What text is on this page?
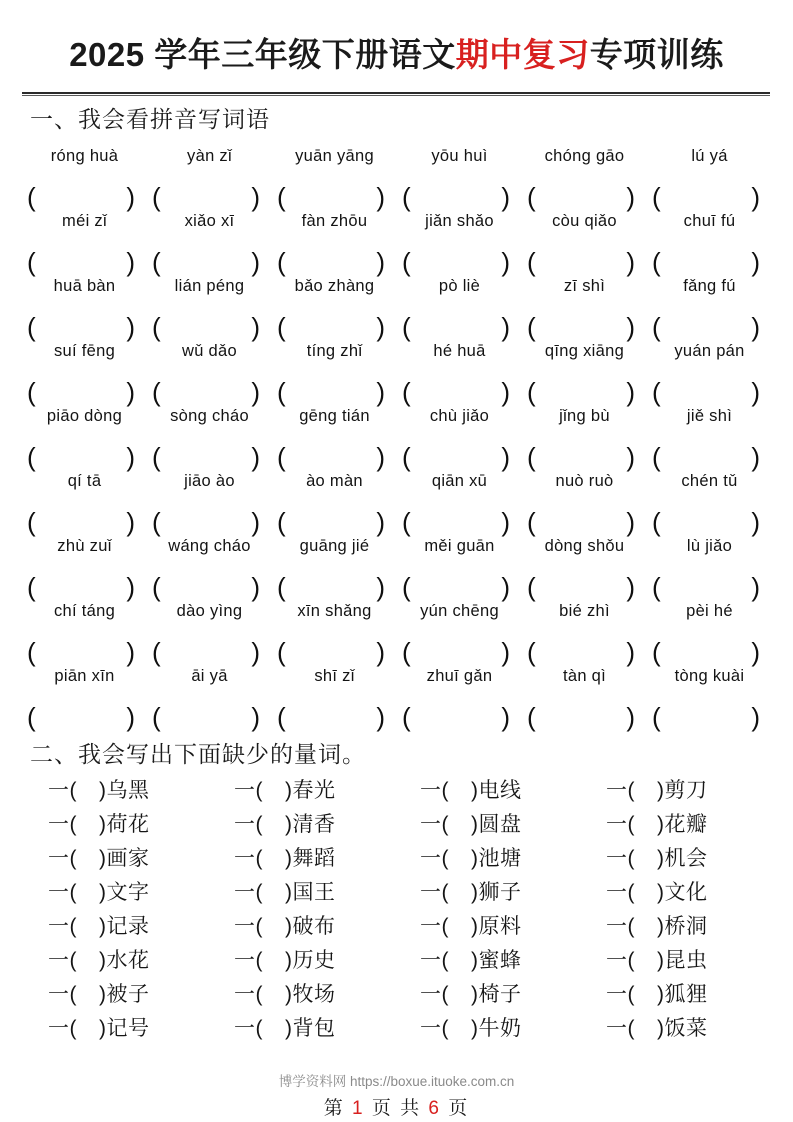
2025 学年三年级下册语文期中复习专项训练
一、我会看拼音写词语
róng huà	yàn zǐ	yuān yāng	yōu huì	chóng gāo	lú yá
(	) (	) (	) (	) (	) (	)
méi zǐ	xiǎo xī	fàn zhōu	jiǎn shǎo	còu qiǎo	chuī fú
(	) (	) (	) (	) (	) (	)
huā bàn	lián péng	bǎo zhàng	pò liè	zī shì	fǎng fú
(	) (	) (	) (	) (	) (	)
suí fēng	wǔ dǎo	tíng zhǐ	hé huā	qīng xiāng	yuán pán
(	) (	) (	) (	) (	) (	)
piāo dòng	sòng cháo	gēng tián	chù jiǎo	jǐng bù	jiě shì
(	) (	) (	) (	) (	) (	)
qí tā	jiāo ào	ào màn	qiān xū	nuò ruò	chén tǔ
(	) (	) (	) (	) (	) (	)
zhù zuǐ	wáng cháo	guāng jié	měi guān	dòng shǒu	lù jiǎo
(	) (	) (	) (	) (	) (	)
chí táng	dào yìng	xīn shǎng	yún chēng	bié zhì	pèi hé
(	) (	) (	) (	) (	) (	)
piān xīn	āi yā	shī zǐ	zhuī gǎn	tàn qì	tòng kuài
(	) (	) (	) (	) (	) (	)
二、我会写出下面缺少的量词。
一( )乌黑	一( )春光	一( )电线	一( )剪刀
一( )荷花	一( )清香	一( )圆盘	一( )花瓣
一( )画家	一( )舞蹈	一( )池塘	一( )机会
一( )文字	一( )国王	一( )狮子	一( )文化
一( )记录	一( )破布	一( )原料	一( )桥洞
一( )水花	一( )历史	一( )蜜蜂	一( )昆虫
一( )被子	一( )牧场	一( )椅子	一( )狐狸
一( )记号	一( )背包	一( )牛奶	一( )饭菜
博学资料网 https://boxue.ituoke.com.cn
第 1 页 共 6 页
